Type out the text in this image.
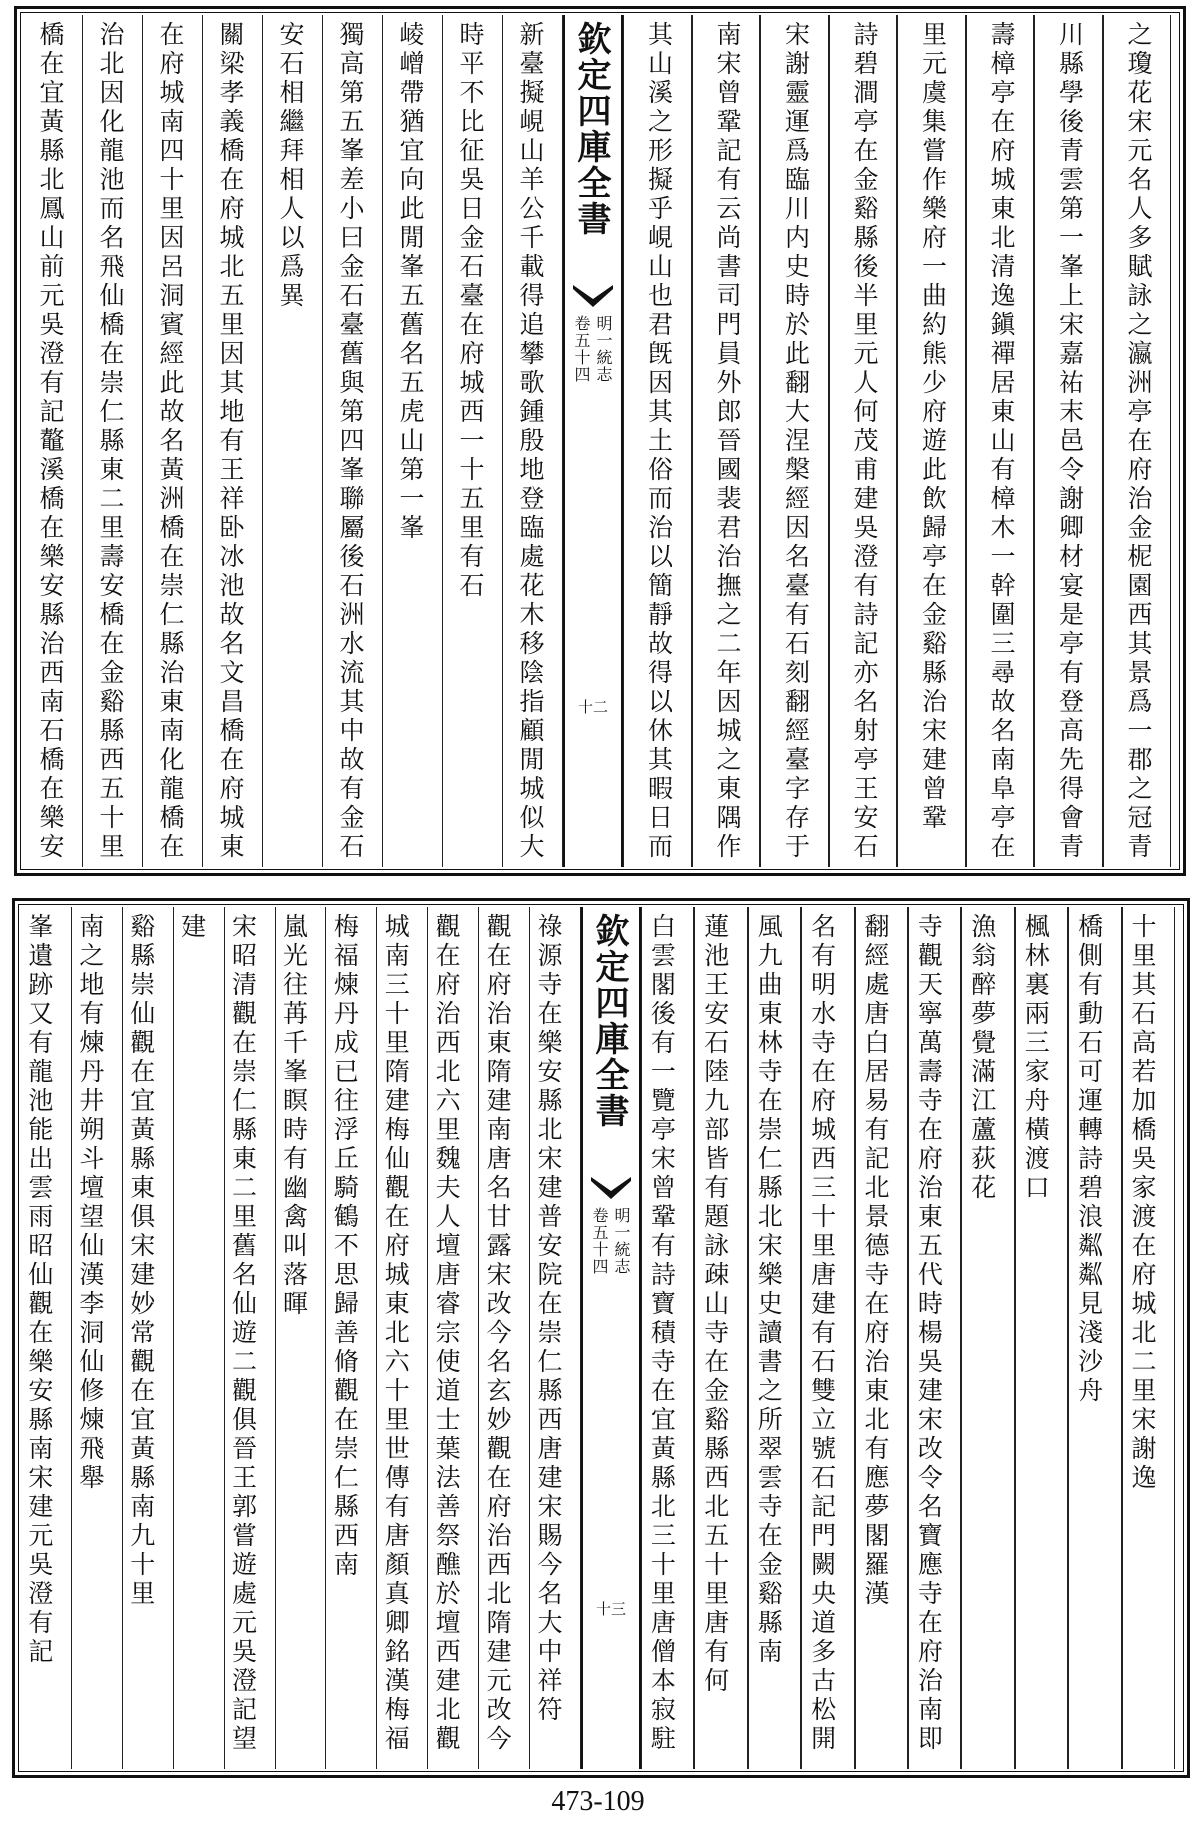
之瓊花宋元名人多賦詠之瀛洲亭在府治金柅園西其景爲一郡之冠青
川縣學後青雲第一峯上宋嘉祐末邑令謝卿材宴是亭有登高先得會青
壽樟亭在府城東北清逸鎭禪居東山有樟木一幹圍三尋故名南阜亭在
里元虞集嘗作樂府一曲約熊少府遊此飲歸亭在金谿縣治宋建曾鞏
詩碧澗亭在金谿縣後半里元人何茂甫建吳澄有詩記亦名射亭王安石
宋謝靈運爲臨川内史時於此翻大涅槃經因名臺有石刻翻經臺字存于
南宋曾鞏記有云尚書司門員外郎晉國裴君治撫之二年因城之東隅作
其山溪之形擬乎峴山也君旣因其土俗而治以簡靜故得以休其暇日而
新臺擬峴山羊公千載得追攀歌鍾殷地登臨處花木移陰指顧閒城似大
時平不比征吳日金石臺在府城西一十五里有石
崚嶒帶猶宜向此閒峯五舊名五虎山第一峯
獨高第五峯差小曰金石臺舊與第四峯聯屬後石洲水流其中故有金石
安石相繼拜相人以爲異
關梁孝義橋在府城北五里因其地有王祥卧冰池故名文昌橋在府城東
在府城南四十里因呂洞賓經此故名黃洲橋在崇仁縣治東南化龍橋在
治北因化龍池而名飛仙橋在崇仁縣東二里壽安橋在金谿縣西五十里
橋在宜黃縣北鳳山前元吳澄有記鼇溪橋在樂安縣治西南石橋在樂安
欽定四庫全書
卷五十四 明一統志
十二
十里其石高若加橋吳家渡在府城北二里宋謝逸
橋側有動石可運轉詩碧浪粼粼見淺沙舟
楓林裏兩三家舟橫渡口
漁翁醉夢覺滿江蘆荻花
寺觀天寧萬壽寺在府治東五代時楊吳建宋改令名寶應寺在府治南即
翻經處唐白居易有記北景德寺在府治東北有應夢閣羅漢
名有明水寺在府城西三十里唐建有石雙立號石記門闕央道多古松開
風九曲東林寺在崇仁縣北宋樂史讀書之所翠雲寺在金谿縣南
蓮池王安石陸九部皆有題詠疎山寺在金谿縣西北五十里唐有何
白雲閣後有一覽亭宋曾鞏有詩寶積寺在宜黃縣北三十里唐僧本寂駐
祿源寺在樂安縣北宋建普安院在崇仁縣西唐建宋賜今名大中祥符
觀在府治東隋建南唐名甘露宋改今名玄妙觀在府治西北隋建元改今
觀在府治西北六里魏夫人壇唐睿宗使道士葉法善祭醮於壇西建北觀
城南三十里隋建梅仙觀在府城東北六十里世傳有唐顏真卿銘漢梅福
梅福煉丹成已往浮丘騎鶴不思歸善脩觀在崇仁縣西南
嵐光往苒千峯瞑時有幽禽叫落暉
宋昭清觀在崇仁縣東二里舊名仙遊二觀俱晉王郭嘗遊處元吳澄記望
建
谿縣崇仙觀在宜黃縣東俱宋建妙常觀在宜黃縣南九十里
南之地有煉丹井朔斗壇望仙漢李洞仙修煉飛舉
峯遺跡又有龍池能出雲雨昭仙觀在樂安縣南宋建元吳澄有記	欽定四庫全書
卷五十四 明一統志
十三
473-109
